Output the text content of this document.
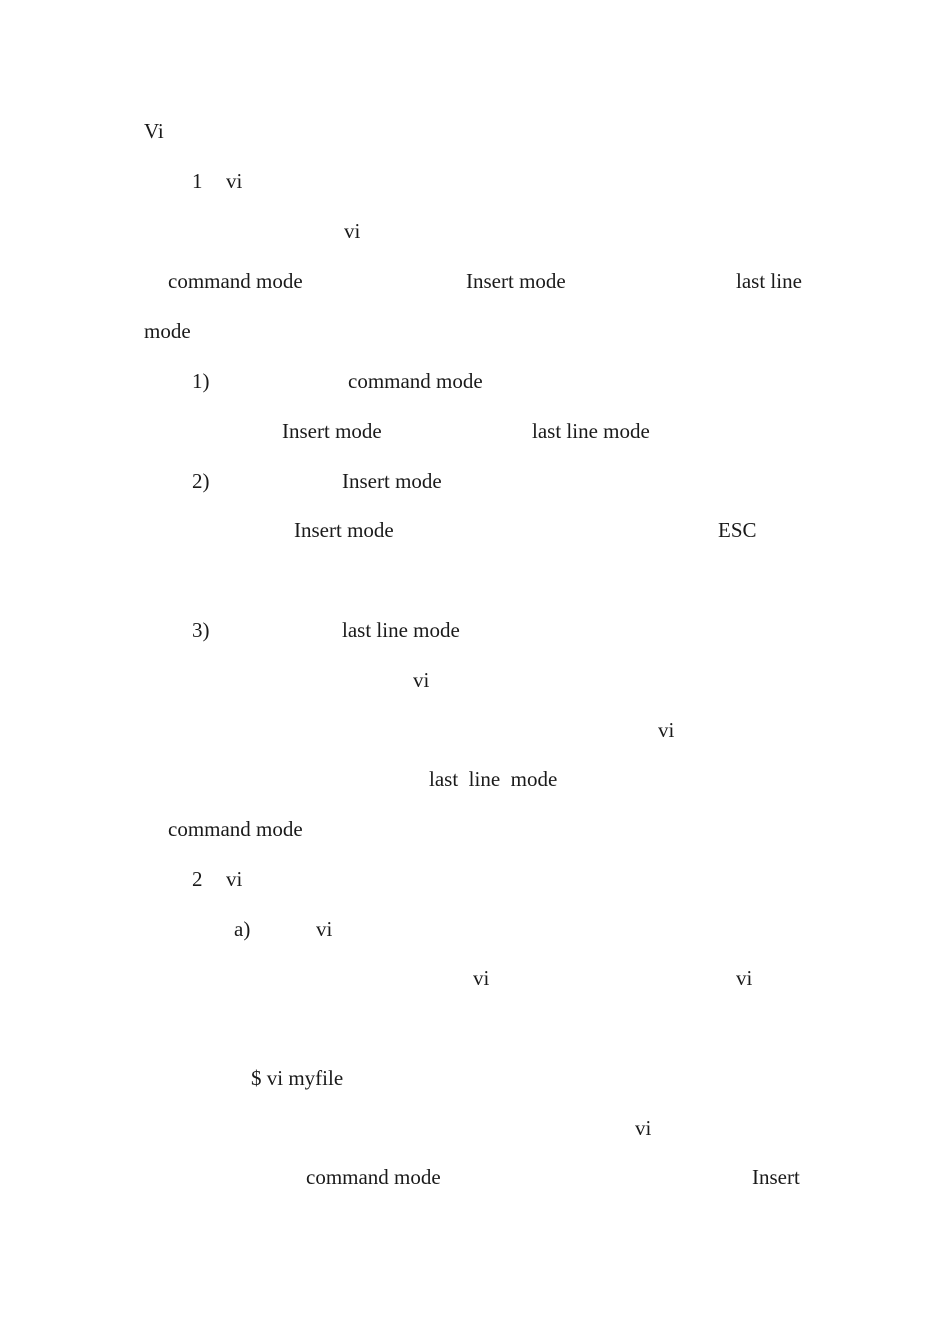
Vi
1 vi
vi
command mode	Insert mode	last line
mode
1)	command mode
Insert mode	last line mode
2)	Insert mode
Insert mode	ESC
3)	last line mode
vi
vi
last  line  mode
command mode
2 vi
a)	vi
vi	vi
$ vi myfile
vi
command mode	Insert
